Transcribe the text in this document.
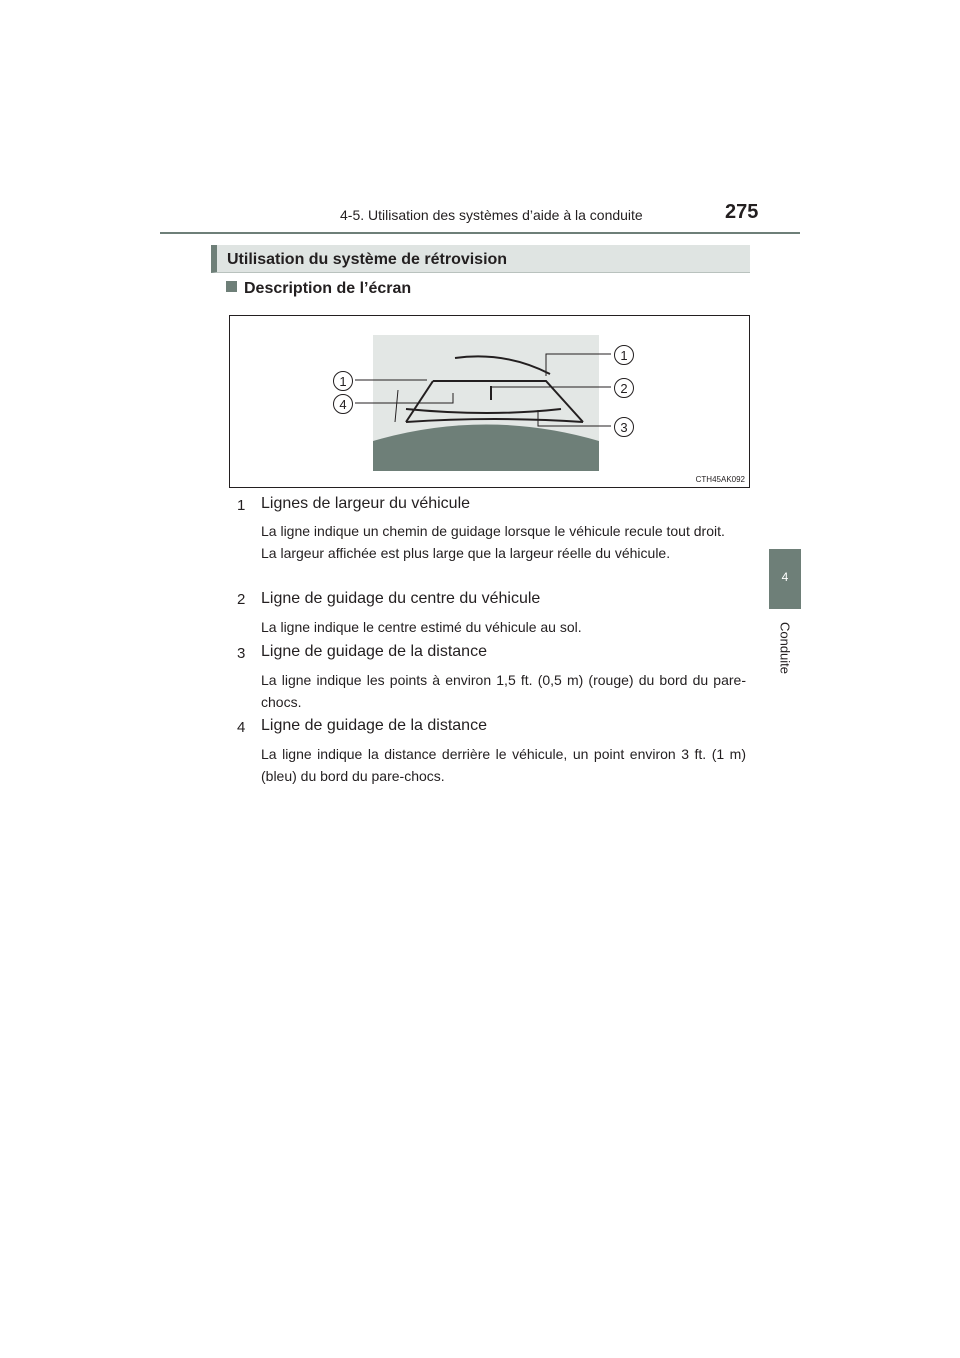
4-5. Utilisation des systèmes d’aide à la conduite	275
4
Conduite
Utilisation du système de rétrovision
Description de l’écran
1
2
3
1
4
CTH45AK092
1 Lignes de largeur du véhicule

La ligne indique un chemin de guidage lorsque le véhicule recule tout droit.

La largeur affichée est plus large que la largeur réelle du véhicule.

2 Ligne de guidage du centre du véhicule

La ligne indique le centre estimé du véhicule au sol.

3 Ligne de guidage de la distance

La ligne indique les points à environ 1,5 ft. (0,5 m) (rouge) du bord du pare-chocs.

4 Ligne de guidage de la distance

La ligne indique la distance derrière le véhicule, un point environ 3 ft. (1 m) (bleu) du bord du pare-chocs.
